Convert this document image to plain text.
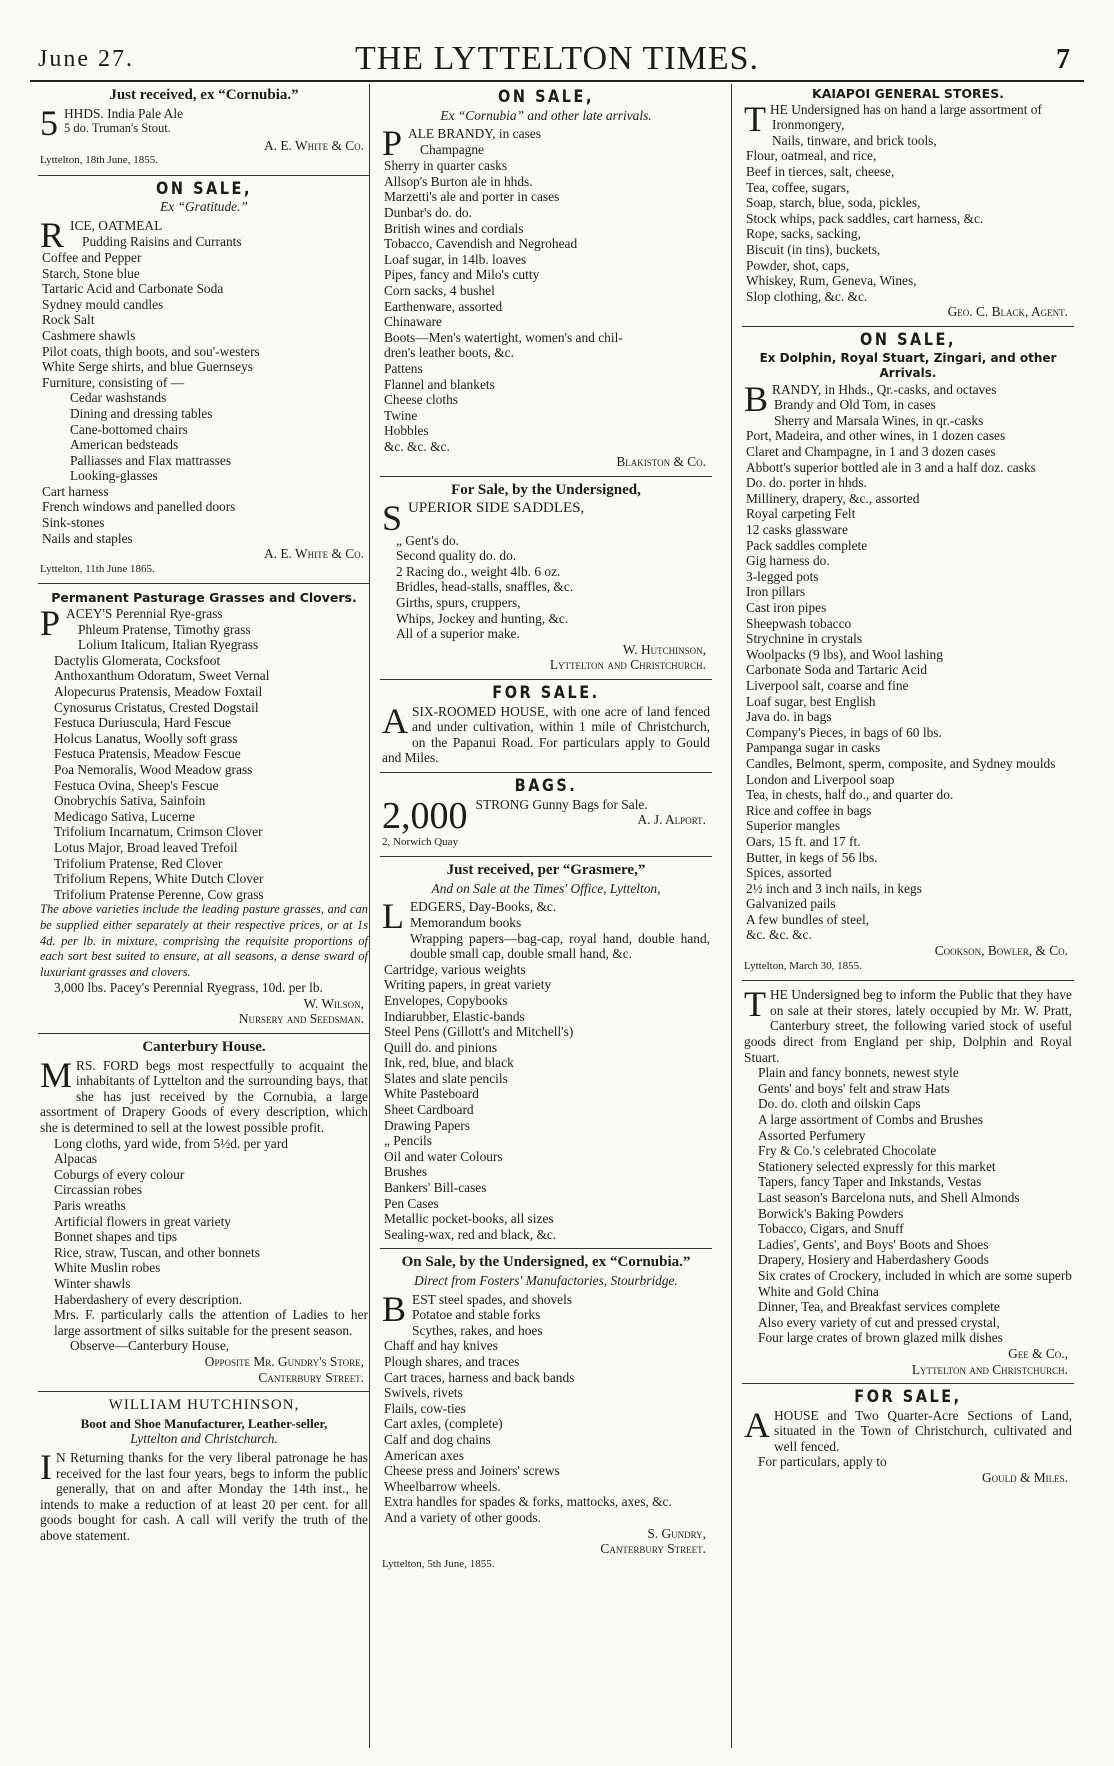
June 27.	THE LYTTELTON TIMES.	7
Just received, ex “Cornubia.”
5 HHDS. India Pale Ale
5 do. Truman's Stout.
A. E. White & Co.
Lyttelton, 18th June, 1855.
ON SALE,
Ex “Gratitude.”
R ICE, OATMEAL
Pudding Raisins and Currants
Coffee and Pepper
Starch, Stone blue
Tartaric Acid and Carbonate Soda
Sydney mould candles
Rock Salt
Cashmere shawls
Pilot coats, thigh boots, and sou'-westers
White Serge shirts, and blue Guernseys
Furniture, consisting of —
Cedar washstands
Dining and dressing tables
Cane-bottomed chairs
American bedsteads
Palliasses and Flax mattrasses
Looking-glasses
Cart harness
French windows and panelled doors
Sink-stones
Nails and staples
A. E. White & Co.
Lyttelton, 11th June 1865.
Permanent Pasturage Grasses and Clovers.
P ACEY'S Perennial Rye-grass
Phleum Pratense, Timothy grass
Lolium Italicum, Italian Ryegrass
Dactylis Glomerata, Cocksfoot
Anthoxanthum Odoratum, Sweet Vernal
Alopecurus Pratensis, Meadow Foxtail
Cynosurus Cristatus, Crested Dogstail
Festuca Duriuscula, Hard Fescue
Holcus Lanatus, Woolly soft grass
Festuca Pratensis, Meadow Fescue
Poa Nemoralis, Wood Meadow grass
Festuca Ovina, Sheep's Fescue
Onobrychis Sativa, Sainfoin
Medicago Sativa, Lucerne
Trifolium Incarnatum, Crimson Clover
Lotus Major, Broad leaved Trefoil
Trifolium Pratense, Red Clover
Trifolium Repens, White Dutch Clover
Trifolium Pratense Perenne, Cow grass
The above varieties include the leading pasture grasses, and can be supplied either separately at their respective prices, or at 1s 4d. per lb. in mixture, comprising the requisite proportions of each sort best suited to ensure, at all seasons, a dense sward of luxuriant grasses and clovers.
3,000 lbs. Pacey's Perennial Ryegrass, 10d. per lb.
W. Wilson,
Nursery and Seedsman.
Canterbury House.
M RS. FORD begs most respectfully to acquaint the inhabitants of Lyttelton and the surrounding bays, that she has just received by the Cornubia, a large assortment of Drapery Goods of every description, which she is determined to sell at the lowest possible profit.
Long cloths, yard wide, from 5½d. per yard
Alpacas
Coburgs of every colour
Circassian robes
Paris wreaths
Artificial flowers in great variety
Bonnet shapes and tips
Rice, straw, Tuscan, and other bonnets
White Muslin robes
Winter shawls
Haberdashery of every description.
Mrs. F. particularly calls the attention of Ladies to her large assortment of silks suitable for the present season.
Observe—Canterbury House,
Opposite Mr. Gundry's Store,
Canterbury Street.
WILLIAM HUTCHINSON,
Boot and Shoe Manufacturer, Leather-seller,
Lyttelton and Christchurch.
I N Returning thanks for the very liberal patronage he has received for the last four years, begs to inform the public generally, that on and after Monday the 14th inst., he intends to make a reduction of at least 20 per cent. for all goods bought for cash. A call will verify the truth of the above statement.
ON SALE,
Ex “Cornubia” and other late arrivals.
P ALE BRANDY, in cases
Champagne
Sherry in quarter casks
Allsop's Burton ale in hhds.
Marzetti's ale and porter in cases
Dunbar's do. do.
British wines and cordials
Tobacco, Cavendish and Negrohead
Loaf sugar, in 14lb. loaves
Pipes, fancy and Milo's cutty
Corn sacks, 4 bushel
Earthenware, assorted
Chinaware
Boots—Men's watertight, women's and chil-
dren's leather boots, &c.
Pattens
Flannel and blankets
Cheese cloths
Twine
Hobbles
&c. &c. &c.
Blakiston & Co.
For Sale, by the Undersigned,
S UPERIOR SIDE SADDLES,
„ Gent's do.
Second quality do. do.
2 Racing do., weight 4lb. 6 oz.
Bridles, head-stalls, snaffles, &c.
Girths, spurs, cruppers,
Whips, Jockey and hunting, &c.
All of a superior make.
W. Hutchinson,
Lyttelton and Christchurch.
FOR SALE.
A SIX-ROOMED HOUSE, with one acre of land fenced and under cultivation, within 1 mile of Christchurch, on the Papanui Road. For particulars apply to Gould and Miles.
BAGS.
2,000 STRONG Gunny Bags for Sale.
A. J. Alport.
2, Norwich Quay
Just received, per “Grasmere,”
And on Sale at the Times' Office, Lyttelton,
L EDGERS, Day-Books, &c.
Memorandum books
Wrapping papers—bag-cap, royal hand, double hand, double small cap, double small hand, &c.
Cartridge, various weights
Writing papers, in great variety
Envelopes, Copybooks
Indiarubber, Elastic-bands
Steel Pens (Gillott's and Mitchell's)
Quill do. and pinions
Ink, red, blue, and black
Slates and slate pencils
White Pasteboard
Sheet Cardboard
Drawing Papers
„ Pencils
Oil and water Colours
Brushes
Bankers' Bill-cases
Pen Cases
Metallic pocket-books, all sizes
Sealing-wax, red and black, &c.
On Sale, by the Undersigned, ex “Cornubia.”
Direct from Fosters' Manufactories, Stourbridge.
B EST steel spades, and shovels
Potatoe and stable forks
Scythes, rakes, and hoes
Chaff and hay knives
Plough shares, and traces
Cart traces, harness and back bands
Swivels, rivets
Flails, cow-ties
Cart axles, (complete)
Calf and dog chains
American axes
Cheese press and Joiners' screws
Wheelbarrow wheels.
Extra handles for spades & forks, mattocks, axes, &c.
And a variety of other goods.
S. Gundry,
Canterbury Street.
Lyttelton, 5th June, 1855.
KAIAPOI GENERAL STORES.
T HE Undersigned has on hand a large assortment of
Ironmongery,
Nails, tinware, and brick tools,
Flour, oatmeal, and rice,
Beef in tierces, salt, cheese,
Tea, coffee, sugars,
Soap, starch, blue, soda, pickles,
Stock whips, pack saddles, cart harness, &c.
Rope, sacks, sacking,
Biscuit (in tins), buckets,
Powder, shot, caps,
Whiskey, Rum, Geneva, Wines,
Slop clothing, &c. &c.
Geo. C. Black, Agent.
ON SALE,
Ex Dolphin, Royal Stuart, Zingari, and other Arrivals.
B RANDY, in Hhds., Qr.-casks, and octaves
Brandy and Old Tom, in cases
Sherry and Marsala Wines, in qr.-casks
Port, Madeira, and other wines, in 1 dozen cases
Claret and Champagne, in 1 and 3 dozen cases
Abbott's superior bottled ale in 3 and a half doz. casks
Do. do. porter in hhds.
Millinery, drapery, &c., assorted
Royal carpeting Felt
12 casks glassware
Pack saddles complete
Gig harness do.
3-legged pots
Iron pillars
Cast iron pipes
Sheepwash tobacco
Strychnine in crystals
Woolpacks (9 lbs), and Wool lashing
Carbonate Soda and Tartaric Acid
Liverpool salt, coarse and fine
Loaf sugar, best English
Java do. in bags
Company's Pieces, in bags of 60 lbs.
Pampanga sugar in casks
Candles, Belmont, sperm, composite, and Sydney moulds
London and Liverpool soap
Tea, in chests, half do., and quarter do.
Rice and coffee in bags
Superior mangles
Oars, 15 ft. and 17 ft.
Butter, in kegs of 56 lbs.
Spices, assorted
2½ inch and 3 inch nails, in kegs
Galvanized pails
A few bundles of steel,
&c. &c. &c.
Cookson, Bowler, & Co.
Lyttelton, March 30, 1855.
T HE Undersigned beg to inform the Public that they have on sale at their stores, lately occupied by Mr. W. Pratt, Canterbury street, the following varied stock of useful goods direct from England per ship, Dolphin and Royal Stuart.
Plain and fancy bonnets, newest style
Gents' and boys' felt and straw Hats
Do. do. cloth and oilskin Caps
A large assortment of Combs and Brushes
Assorted Perfumery
Fry & Co.'s celebrated Chocolate
Stationery selected expressly for this market
Tapers, fancy Taper and Inkstands, Vestas
Last season's Barcelona nuts, and Shell Almonds
Borwick's Baking Powders
Tobacco, Cigars, and Snuff
Ladies', Gents', and Boys' Boots and Shoes
Drapery, Hosiery and Haberdashery Goods
Six crates of Crockery, included in which are some superb White and Gold China
Dinner, Tea, and Breakfast services complete
Also every variety of cut and pressed crystal,
Four large crates of brown glazed milk dishes
Gee & Co.,
Lyttelton and Christchurch.
FOR SALE,
A HOUSE and Two Quarter-Acre Sections of Land, situated in the Town of Christchurch, cultivated and well fenced.
For particulars, apply to
Gould & Miles.
